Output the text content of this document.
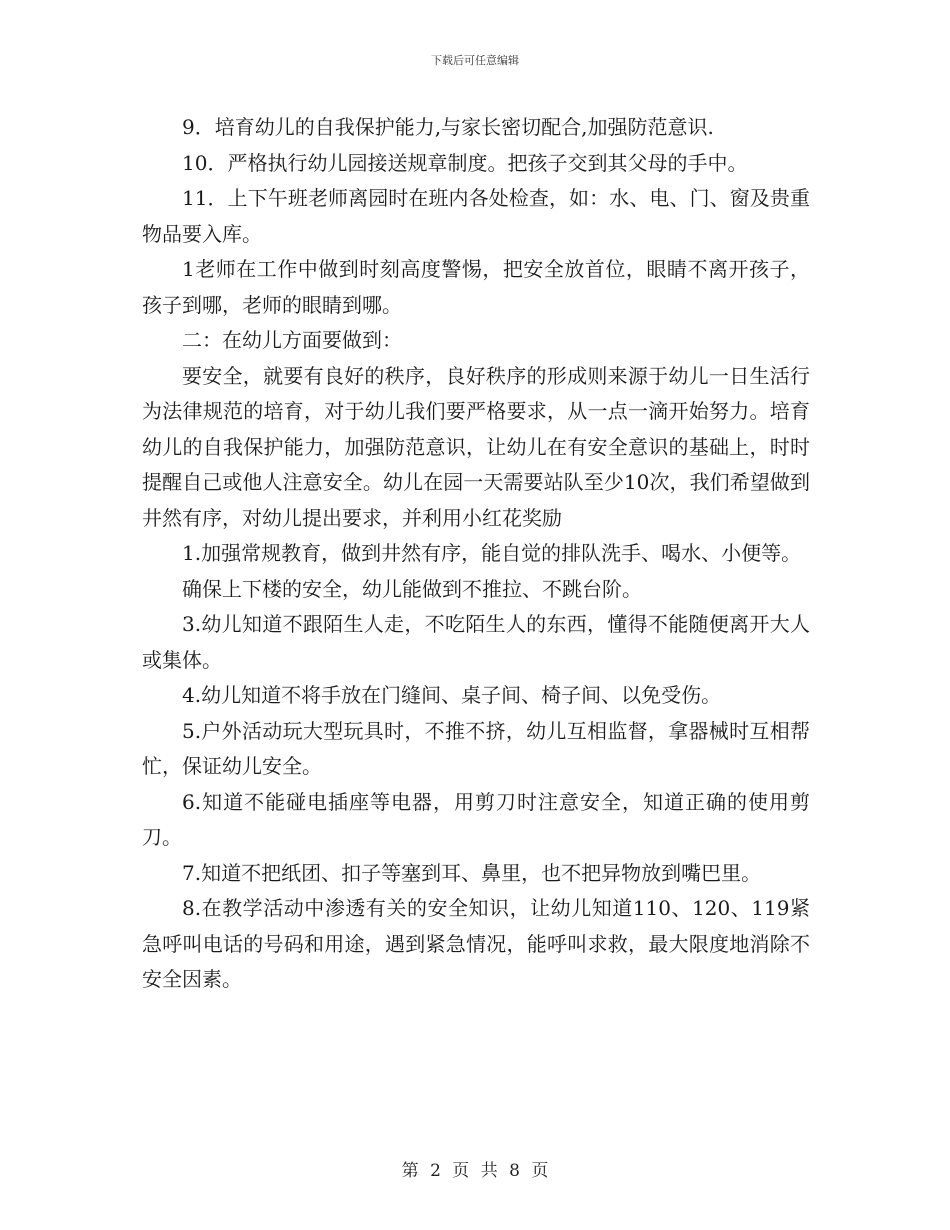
下载后可任意编辑

9．培育幼儿的自我保护能力,与家长密切配合,加强防范意识.

10．严格执行幼儿园接送规章制度。把孩子交到其父母的手中。

11．上下午班老师离园时在班内各处检查，如：水、电、门、窗及贵重物品要入库。

1老师在工作中做到时刻高度警惕，把安全放首位，眼睛不离开孩子，孩子到哪，老师的眼睛到哪。

二：在幼儿方面要做到：

要安全，就要有良好的秩序，良好秩序的形成则来源于幼儿一日生活行为法律规范的培育，对于幼儿我们要严格要求，从一点一滴开始努力。培育幼儿的自我保护能力，加强防范意识，让幼儿在有安全意识的基础上，时时提醒自己或他人注意安全。幼儿在园一天需要站队至少10次，我们希望做到井然有序，对幼儿提出要求，并利用小红花奖励

1.加强常规教育，做到井然有序，能自觉的排队洗手、喝水、小便等。

确保上下楼的安全，幼儿能做到不推拉、不跳台阶。

3.幼儿知道不跟陌生人走，不吃陌生人的东西，懂得不能随便离开大人或集体。

4.幼儿知道不将手放在门缝间、桌子间、椅子间、以免受伤。

5.户外活动玩大型玩具时，不推不挤，幼儿互相监督，拿器械时互相帮忙，保证幼儿安全。

6.知道不能碰电插座等电器，用剪刀时注意安全，知道正确的使用剪刀。

7.知道不把纸团、扣子等塞到耳、鼻里，也不把异物放到嘴巴里。

8.在教学活动中渗透有关的安全知识，让幼儿知道110、120、119紧急呼叫电话的号码和用途，遇到紧急情况，能呼叫求救，最大限度地消除不安全因素。

第 2 页 共 8 页
